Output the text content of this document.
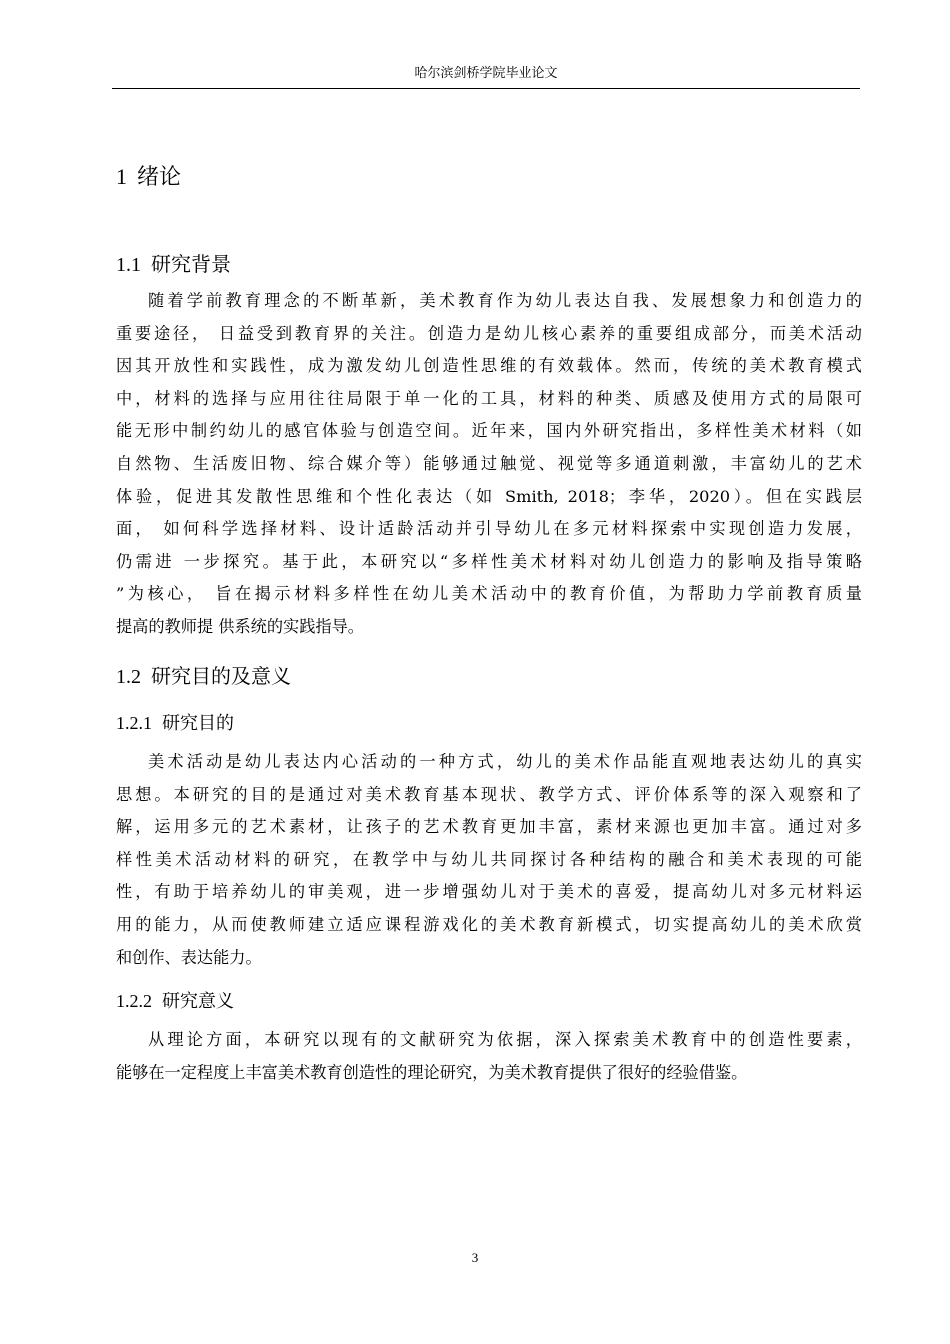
哈尔滨剑桥学院毕业论文
1 绪论
1.1 研究背景
随着学前教育理念的不断革新，美术教育作为幼儿表达自我、发展想象力和创造力的
重要途径， 日益受到教育界的关注。创造力是幼儿核心素养的重要组成部分，而美术活动
因其开放性和实践性，成为激发幼儿创造性思维的有效载体。然而，传统的美术教育模式
中，材料的选择与应用往往局限于单一化的工具，材料的种类、质感及使用方式的局限可
能无形中制约幼儿的感官体验与创造空间。近年来，国内外研究指出，多样性美术材料（如
自然物、生活废旧物、综合媒介等）能够通过触觉、视觉等多通道刺激，丰富幼儿的艺术
体验，促进其发散性思维和个性化表达（如 Smith, 2018；李华，2020）。但在实践层
面， 如何科学选择材料、设计适龄活动并引导幼儿在多元材料探索中实现创造力发展，
仍需进 一步探究。基于此，本研究以“多样性美术材料对幼儿创造力的影响及指导策略
”为核心， 旨在揭示材料多样性在幼儿美术活动中的教育价值，为帮助力学前教育质量
提高的教师提 供系统的实践指导。
1.2 研究目的及意义
1.2.1 研究目的
美术活动是幼儿表达内心活动的一种方式，幼儿的美术作品能直观地表达幼儿的真实
思想。本研究的目的是通过对美术教育基本现状、教学方式、评价体系等的深入观察和了
解，运用多元的艺术素材，让孩子的艺术教育更加丰富，素材来源也更加丰富。通过对多
样性美术活动材料的研究，在教学中与幼儿共同探讨各种结构的融合和美术表现的可能
性，有助于培养幼儿的审美观，进一步增强幼儿对于美术的喜爱，提高幼儿对多元材料运
用的能力，从而使教师建立适应课程游戏化的美术教育新模式，切实提高幼儿的美术欣赏
和创作、表达能力。
1.2.2 研究意义
从理论方面，本研究以现有的文献研究为依据，深入探索美术教育中的创造性要素，
能够在一定程度上丰富美术教育创造性的理论研究，为美术教育提供了很好的经验借鉴。
3
